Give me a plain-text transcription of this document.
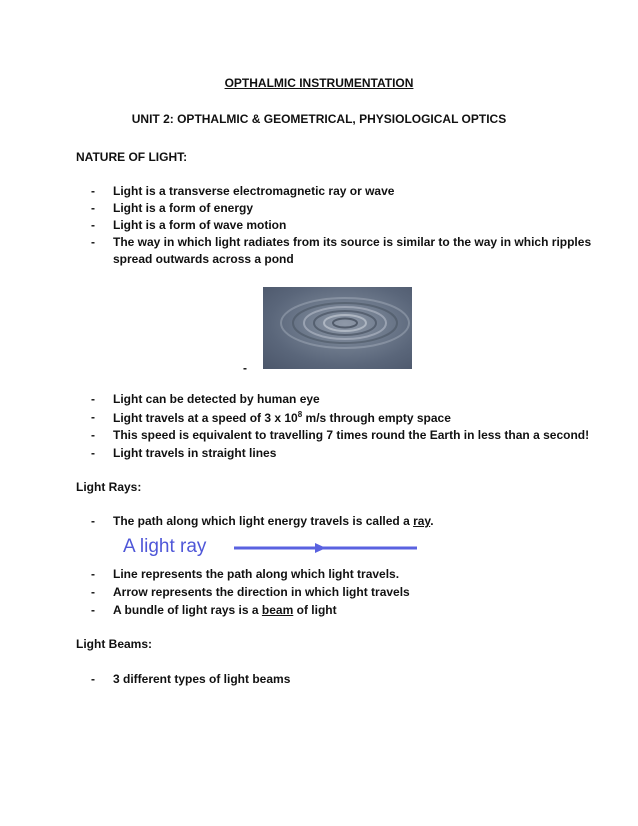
OPTHALMIC INSTRUMENTATION
UNIT 2: OPTHALMIC & GEOMETRICAL, PHYSIOLOGICAL OPTICS
NATURE OF LIGHT:
- Light is a transverse electromagnetic ray or wave
- Light is a form of energy
- Light is a form of wave motion
- The way in which light radiates from its source is similar to the way in which ripples
spread outwards across a pond
-
- Light can be detected by human eye
- Light travels at a speed of 3 x $10^8$ m/s through empty space
- This speed is equivalent to travelling 7 times round the Earth in less than a second!
- Light travels in straight lines
Light Rays:
- The path along which light energy travels is called a ray.
A light ray
- Line represents the path along which light travels.
- Arrow represents the direction in which light travels
- A bundle of light rays is a beam of light
Light Beams:
- 3 different types of light beams
